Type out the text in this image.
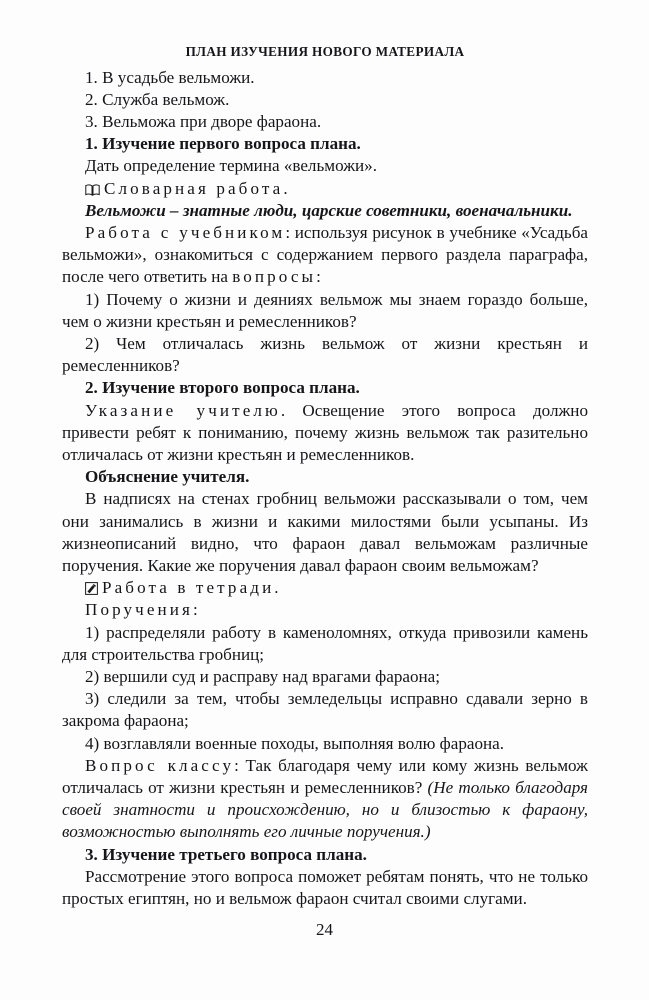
ПЛАН ИЗУЧЕНИЯ НОВОГО МАТЕРИАЛА

1. В усадьбе вельможи.

2. Служба вельмож.

3. Вельможа при дворе фараона.

1. Изучение первого вопроса плана.

Дать определение термина «вельможи».

Словарная работа.

Вельможи – знатные люди, царские советники, военачальники.

Работа с учебником: используя рисунок в учебнике «Усадьба вельможи», ознакомиться с содержанием первого раздела параграфа, после чего ответить на вопросы:

1) Почему о жизни и деяниях вельмож мы знаем гораздо больше, чем о жизни крестьян и ремесленников?

2) Чем отличалась жизнь вельмож от жизни крестьян и ремесленников?

2. Изучение второго вопроса плана.

Указание учителю. Освещение этого вопроса должно привести ребят к пониманию, почему жизнь вельмож так разительно отличалась от жизни крестьян и ремесленников.

Объяснение учителя.

В надписях на стенах гробниц вельможи рассказывали о том, чем они занимались в жизни и какими милостями были усыпаны. Из жизнеописаний видно, что фараон давал вельможам различные поручения. Какие же поручения давал фараон своим вельможам?

Работа в тетради.

Поручения:

1) распределяли работу в каменоломнях, откуда привозили камень для строительства гробниц;

2) вершили суд и расправу над врагами фараона;

3) следили за тем, чтобы земледельцы исправно сдавали зерно в закрома фараона;

4) возглавляли военные походы, выполняя волю фараона.

Вопрос классу: Так благодаря чему или кому жизнь вельмож отличалась от жизни крестьян и ремесленников? (Не только благодаря своей знатности и происхождению, но и близостью к фараону, возможностью выполнять его личные поручения.)

3. Изучение третьего вопроса плана.

Рассмотрение этого вопроса поможет ребятам понять, что не только простых египтян, но и вельмож фараон считал своими слугами.

24
